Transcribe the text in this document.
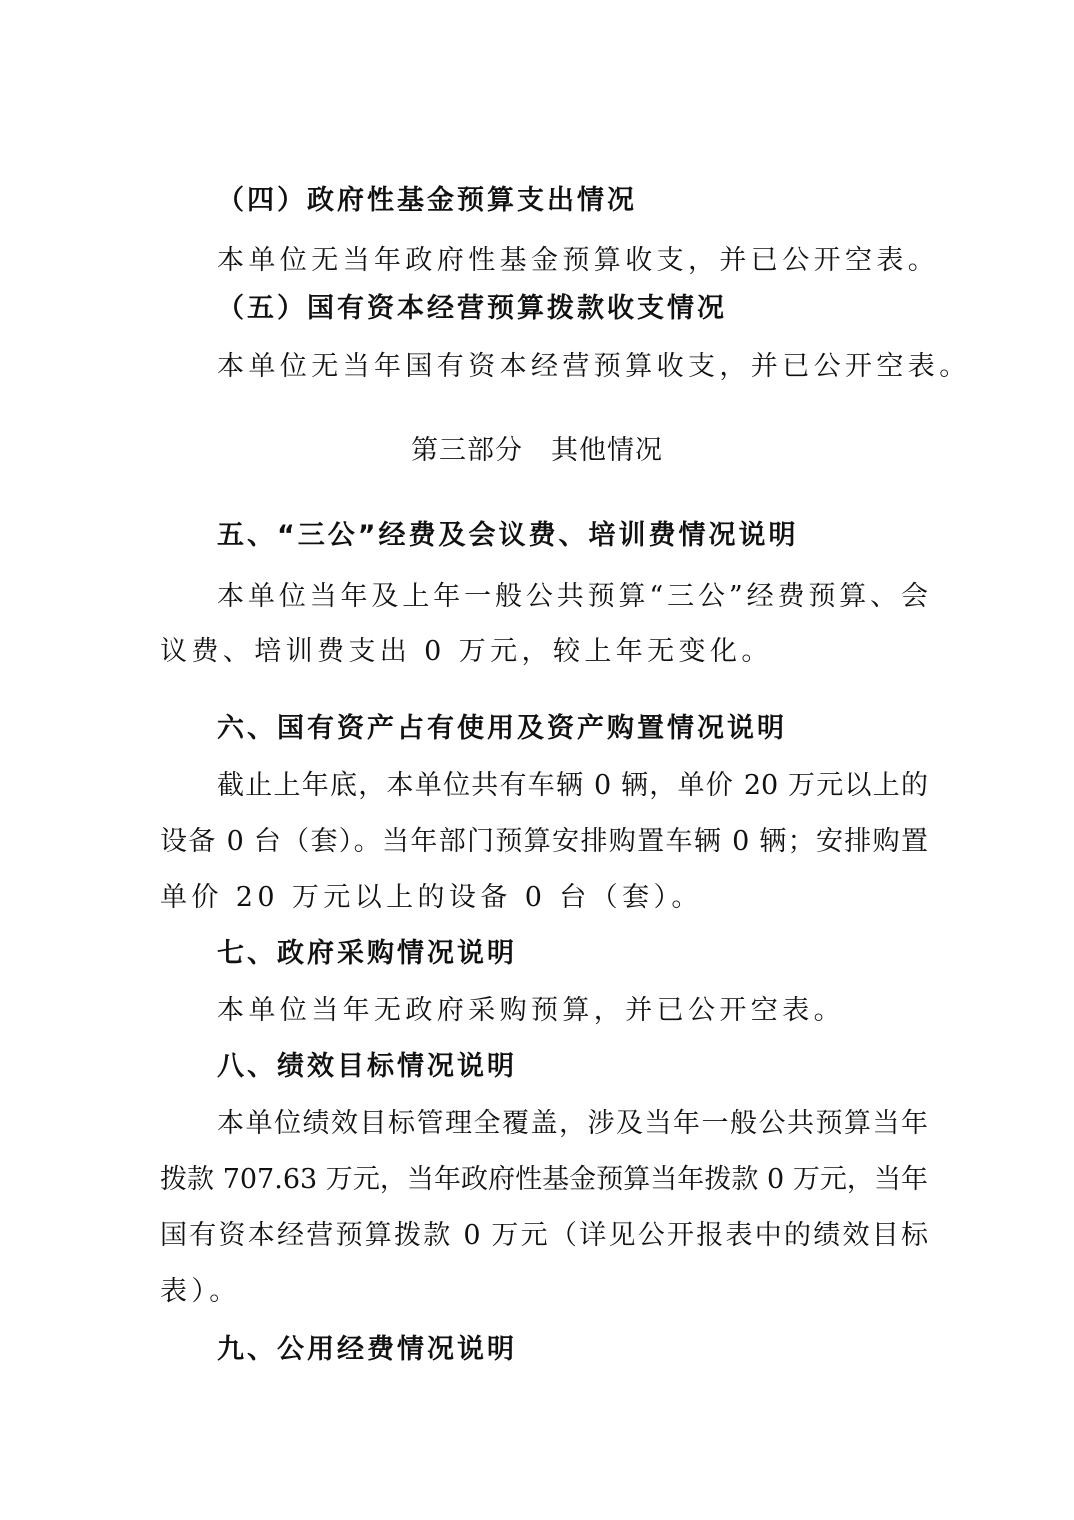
（四）政府性基金预算支出情况
本单位无当年政府性基金预算收支，并已公开空表。
（五）国有资本经营预算拨款收支情况
本单位无当年国有资本经营预算收支，并已公开空表。
第三部分　其他情况
五、“三公”经费及会议费、培训费情况说明
本单位当年及上年一般公共预算“三公”经费预算、会
议费、培训费支出 0 万元，较上年无变化。
六、国有资产占有使用及资产购置情况说明
截止上年底，本单位共有车辆 0 辆，单价 20 万元以上的
设备 0 台（套）。当年部门预算安排购置车辆 0 辆；安排购置
单价 20 万元以上的设备 0 台（套）。
七、政府采购情况说明
本单位当年无政府采购预算，并已公开空表。
八、绩效目标情况说明
本单位绩效目标管理全覆盖，涉及当年一般公共预算当年
拨款 707.63 万元，当年政府性基金预算当年拨款 0 万元，当年
国有资本经营预算拨款 0 万元（详见公开报表中的绩效目标
表）。
九、公用经费情况说明
